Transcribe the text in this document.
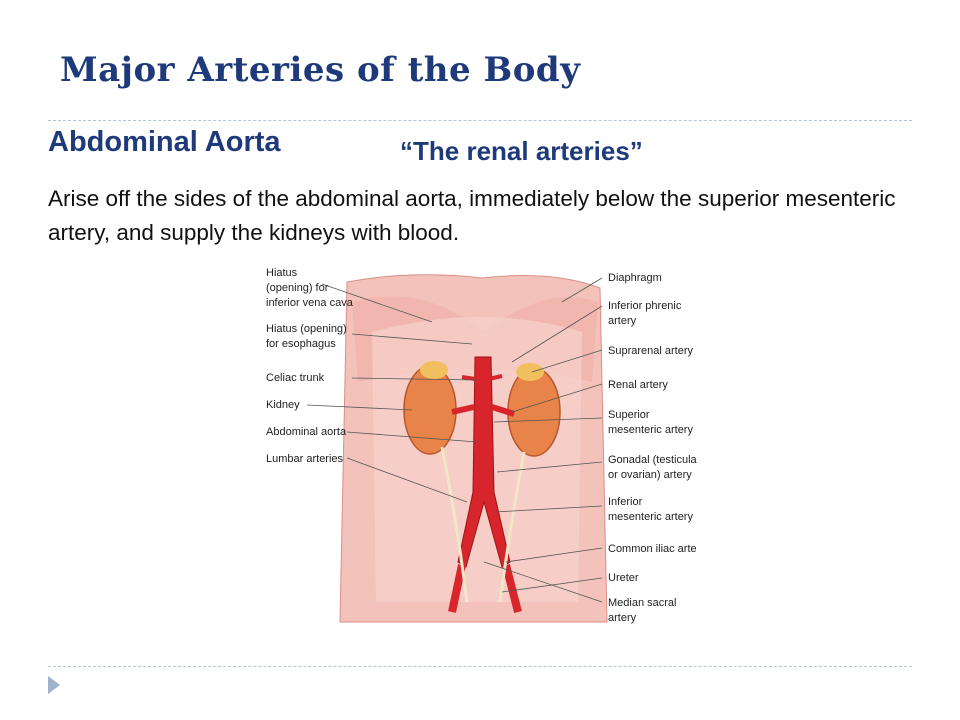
Major Arteries of the Body
Abdominal Aorta	“The renal arteries”

Arise off the sides of the abdominal aorta, immediately below the superior mesenteric artery, and supply the kidneys with blood.

Hiatus
(opening) for
inferior vena cava
Hiatus (opening)
for esophagus
Celiac trunk
Kidney
Abdominal aorta
Lumbar arteries
Diaphragm
Inferior phrenic
artery
Suprarenal artery
Renal artery
Superior
mesenteric artery
Gonadal (testicula
or ovarian) artery
Inferior
mesenteric artery
Common iliac arte
Ureter
Median sacral
artery
